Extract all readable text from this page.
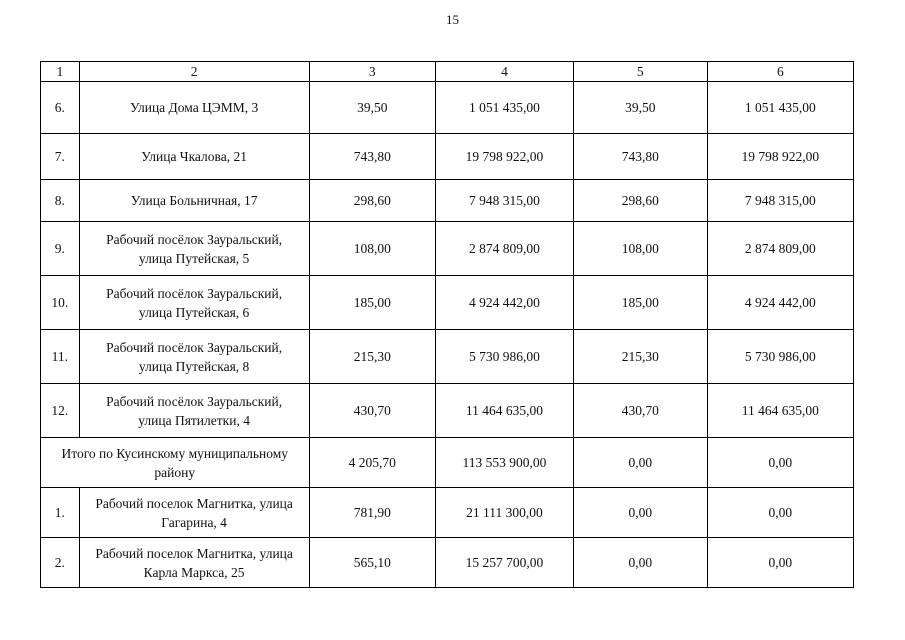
15
1	2	3	4	5	6
6.	Улица Дома ЦЭММ, 3	39,50	1 051 435,00	39,50	1 051 435,00
7.	Улица Чкалова, 21	743,80	19 798 922,00	743,80	19 798 922,00
8.	Улица Больничная, 17	298,60	7 948 315,00	298,60	7 948 315,00
9.	Рабочий посёлок Зауральский,
улица Путейская, 5	108,00	2 874 809,00	108,00	2 874 809,00
10.	Рабочий посёлок Зауральский,
улица Путейская, 6	185,00	4 924 442,00	185,00	4 924 442,00
11.	Рабочий посёлок Зауральский,
улица Путейская, 8	215,30	5 730 986,00	215,30	5 730 986,00
12.	Рабочий посёлок Зауральский,
улица Пятилетки, 4	430,70	11 464 635,00	430,70	11 464 635,00

Итого по Кусинскому муниципальному
району		4 205,70	113 553 900,00	0,00	0,00
1.	Рабочий поселок Магнитка, улица
Гагарина, 4	781,90	21 111 300,00	0,00	0,00
2.	Рабочий поселок Магнитка, улица
Карла Маркса, 25	565,10	15 257 700,00	0,00	0,00
